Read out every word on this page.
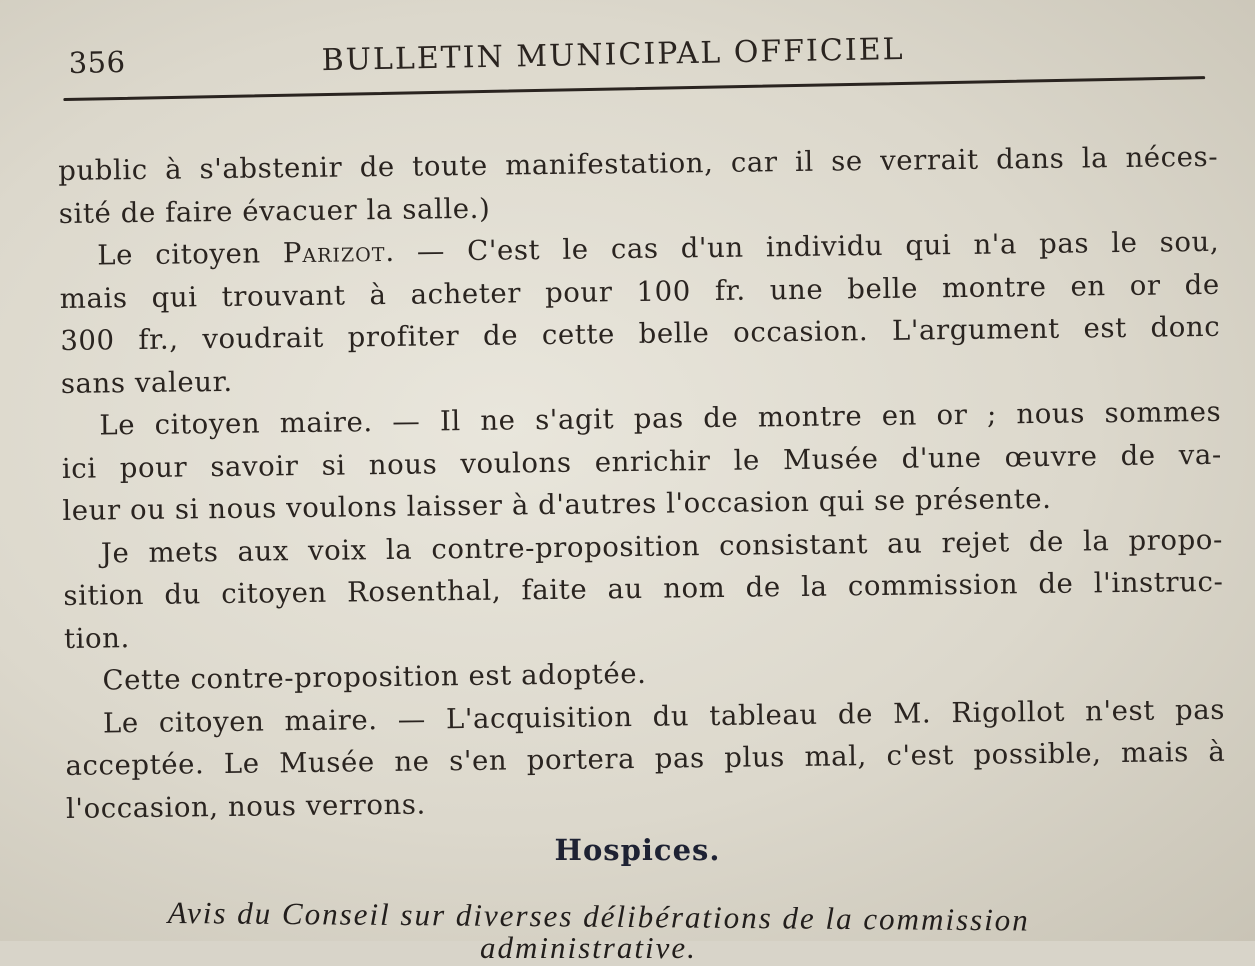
356	BULLETIN MUNICIPAL OFFICIEL
public à s'abstenir de toute manifestation, car il se verrait dans la néces-
sité de faire évacuer la salle.)
Le citoyen Parizot. — C'est le cas d'un individu qui n'a pas le sou,
mais qui trouvant à acheter pour 100 fr. une belle montre en or de
300 fr., voudrait profiter de cette belle occasion. L'argument est donc
sans valeur.
Le citoyen maire. — Il ne s'agit pas de montre en or ; nous sommes
ici pour savoir si nous voulons enrichir le Musée d'une œuvre de va-
leur ou si nous voulons laisser à d'autres l'occasion qui se présente.
Je mets aux voix la contre-proposition consistant au rejet de la propo-
sition du citoyen Rosenthal, faite au nom de la commission de l'instruc-
tion.
Cette contre-proposition est adoptée.
Le citoyen maire. — L'acquisition du tableau de M. Rigollot n'est pas
acceptée. Le Musée ne s'en portera pas plus mal, c'est possible, mais à
l'occasion, nous verrons.
Hospices.
Avis du Conseil sur diverses délibérations de la commission
administrative.
